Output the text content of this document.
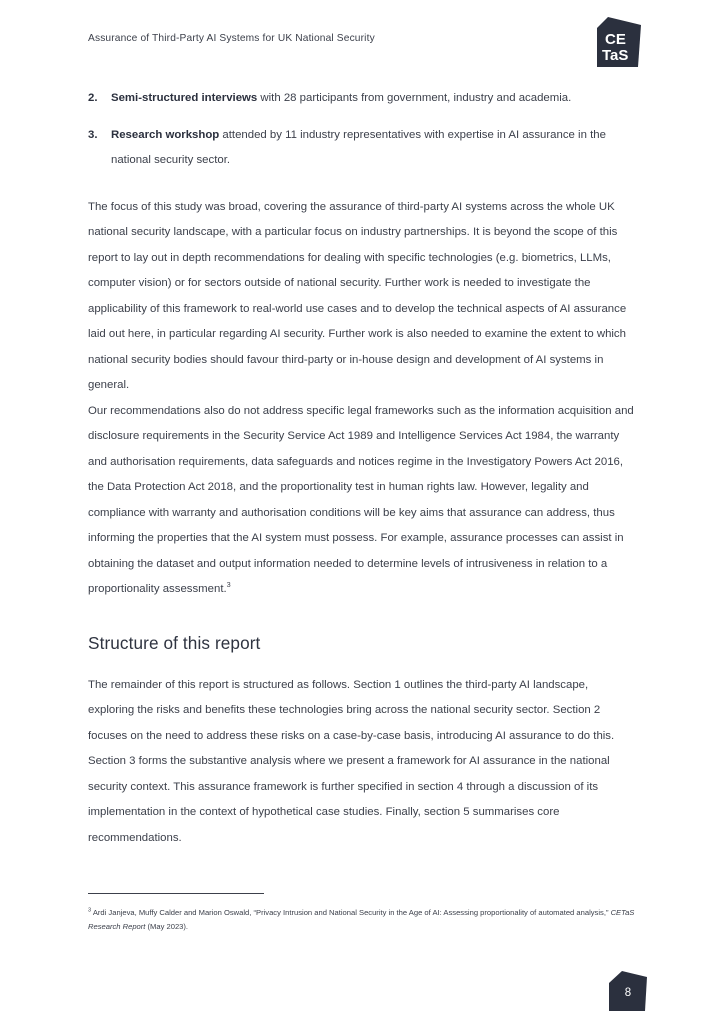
Assurance of Third-Party AI Systems for UK National Security	CE
TaS
2. Semi-structured interviews with 28 participants from government, industry and academia.
3. Research workshop attended by 11 industry representatives with expertise in AI assurance in the national security sector.

The focus of this study was broad, covering the assurance of third-party AI systems across the whole UK national security landscape, with a particular focus on industry partnerships. It is beyond the scope of this report to lay out in depth recommendations for dealing with specific technologies (e.g. biometrics, LLMs, computer vision) or for sectors outside of national security. Further work is needed to investigate the applicability of this framework to real-world use cases and to develop the technical aspects of AI assurance laid out here, in particular regarding AI security. Further work is also needed to examine the extent to which national security bodies should favour third-party or in-house design and development of AI systems in general.

Our recommendations also do not address specific legal frameworks such as the information acquisition and disclosure requirements in the Security Service Act 1989 and Intelligence Services Act 1984, the warranty and authorisation requirements, data safeguards and notices regime in the Investigatory Powers Act 2016, the Data Protection Act 2018, and the proportionality test in human rights law. However, legality and compliance with warranty and authorisation conditions will be key aims that assurance can address, thus informing the properties that the AI system must possess. For example, assurance processes can assist in obtaining the dataset and output information needed to determine levels of intrusiveness in relation to a proportionality assessment.$^3$

Structure of this report

The remainder of this report is structured as follows. Section 1 outlines the third-party AI landscape, exploring the risks and benefits these technologies bring across the national security sector. Section 2 focuses on the need to address these risks on a case-by-case basis, introducing AI assurance to do this. Section 3 forms the substantive analysis where we present a framework for AI assurance in the national security context. This assurance framework is further specified in section 4 through a discussion of its implementation in the context of hypothetical case studies. Finally, section 5 summarises core recommendations.

$^3$ Ardi Janjeva, Muffy Calder and Marion Oswald, “Privacy Intrusion and National Security in the Age of AI: Assessing proportionality of automated analysis,” CETaS Research Report (May 2023).

8
